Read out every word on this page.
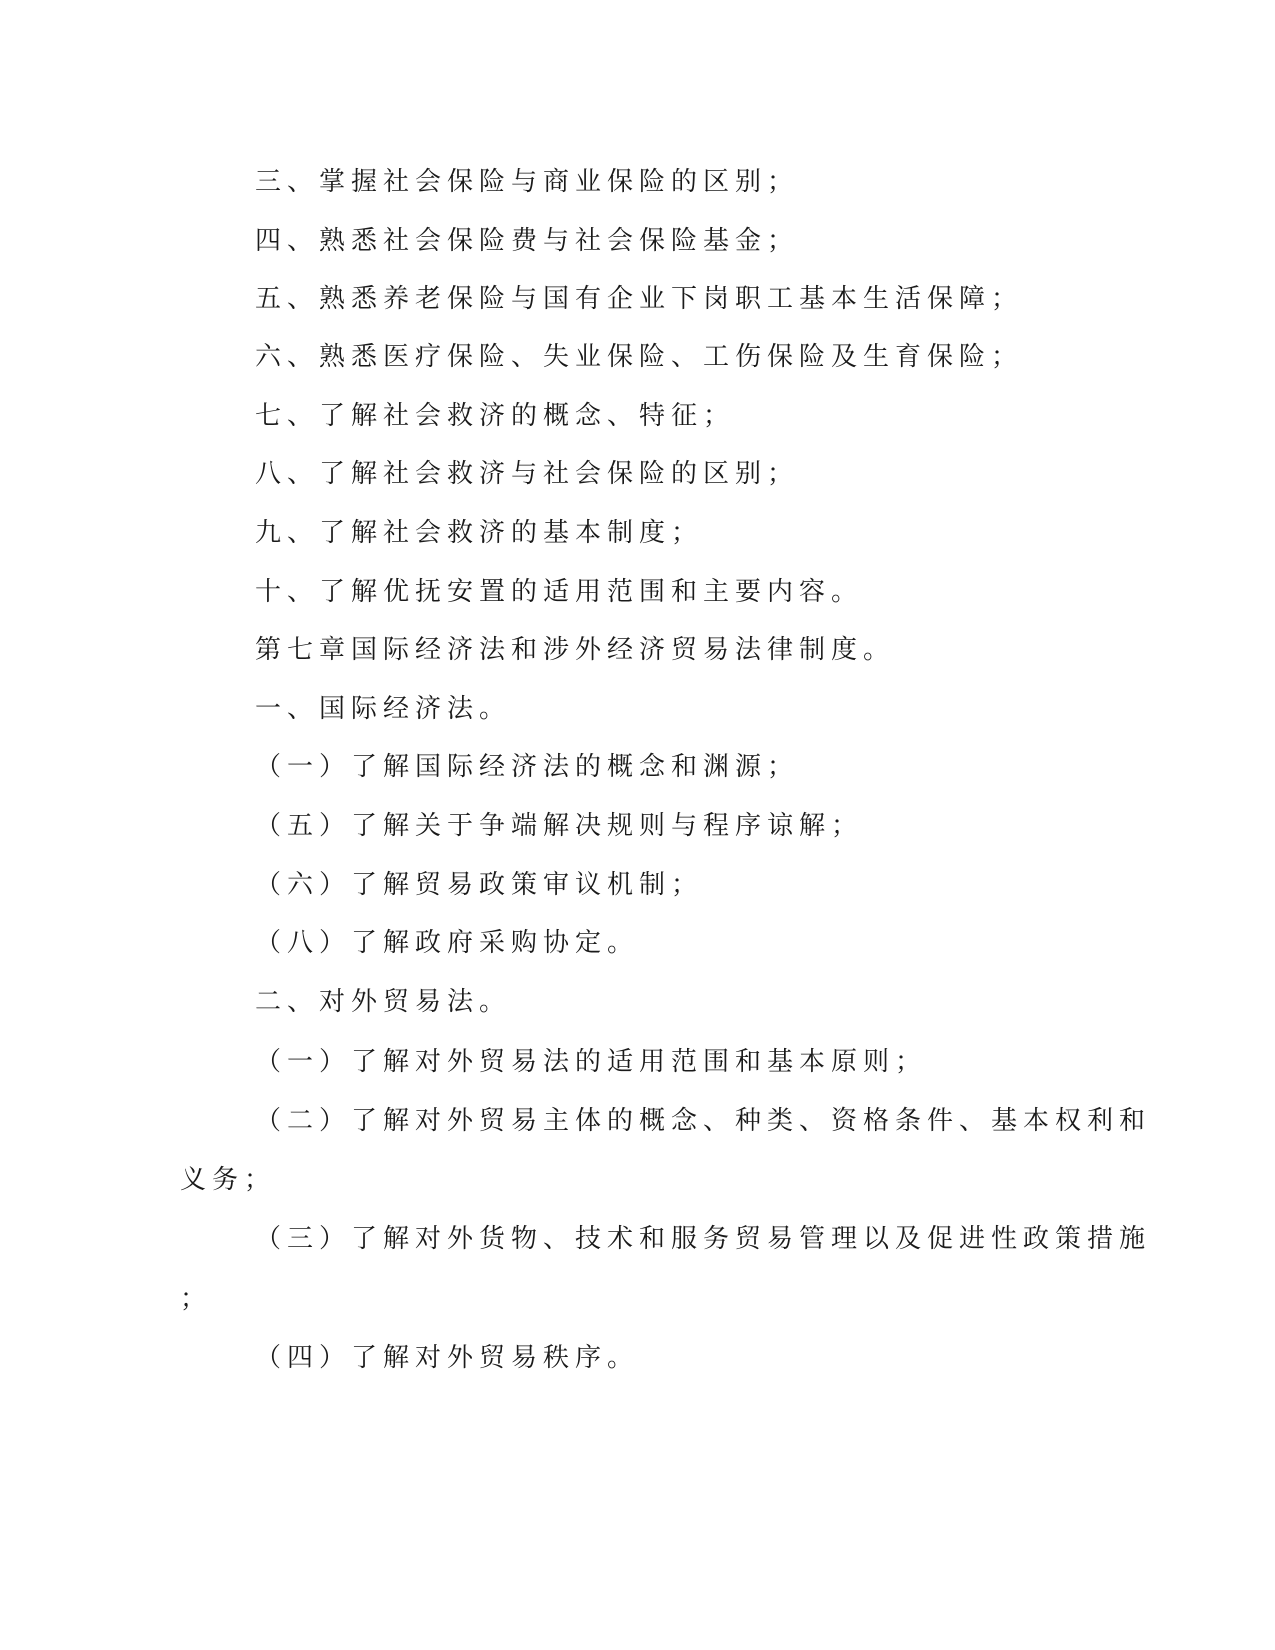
三、掌握社会保险与商业保险的区别；
四、熟悉社会保险费与社会保险基金；
五、熟悉养老保险与国有企业下岗职工基本生活保障；
六、熟悉医疗保险、失业保险、工伤保险及生育保险；
七、了解社会救济的概念、特征；
八、了解社会救济与社会保险的区别；
九、了解社会救济的基本制度；
十、了解优抚安置的适用范围和主要内容。
第七章国际经济法和涉外经济贸易法律制度。
一、国际经济法。
（一）了解国际经济法的概念和渊源；
（五）了解关于争端解决规则与程序谅解；
（六）了解贸易政策审议机制；
（八）了解政府采购协定。
二、对外贸易法。
（一）了解对外贸易法的适用范围和基本原则；
（二）了解对外贸易主体的概念、种类、资格条件、基本权利和
义务；
（三）了解对外货物、技术和服务贸易管理以及促进性政策措施
；
（四）了解对外贸易秩序。
